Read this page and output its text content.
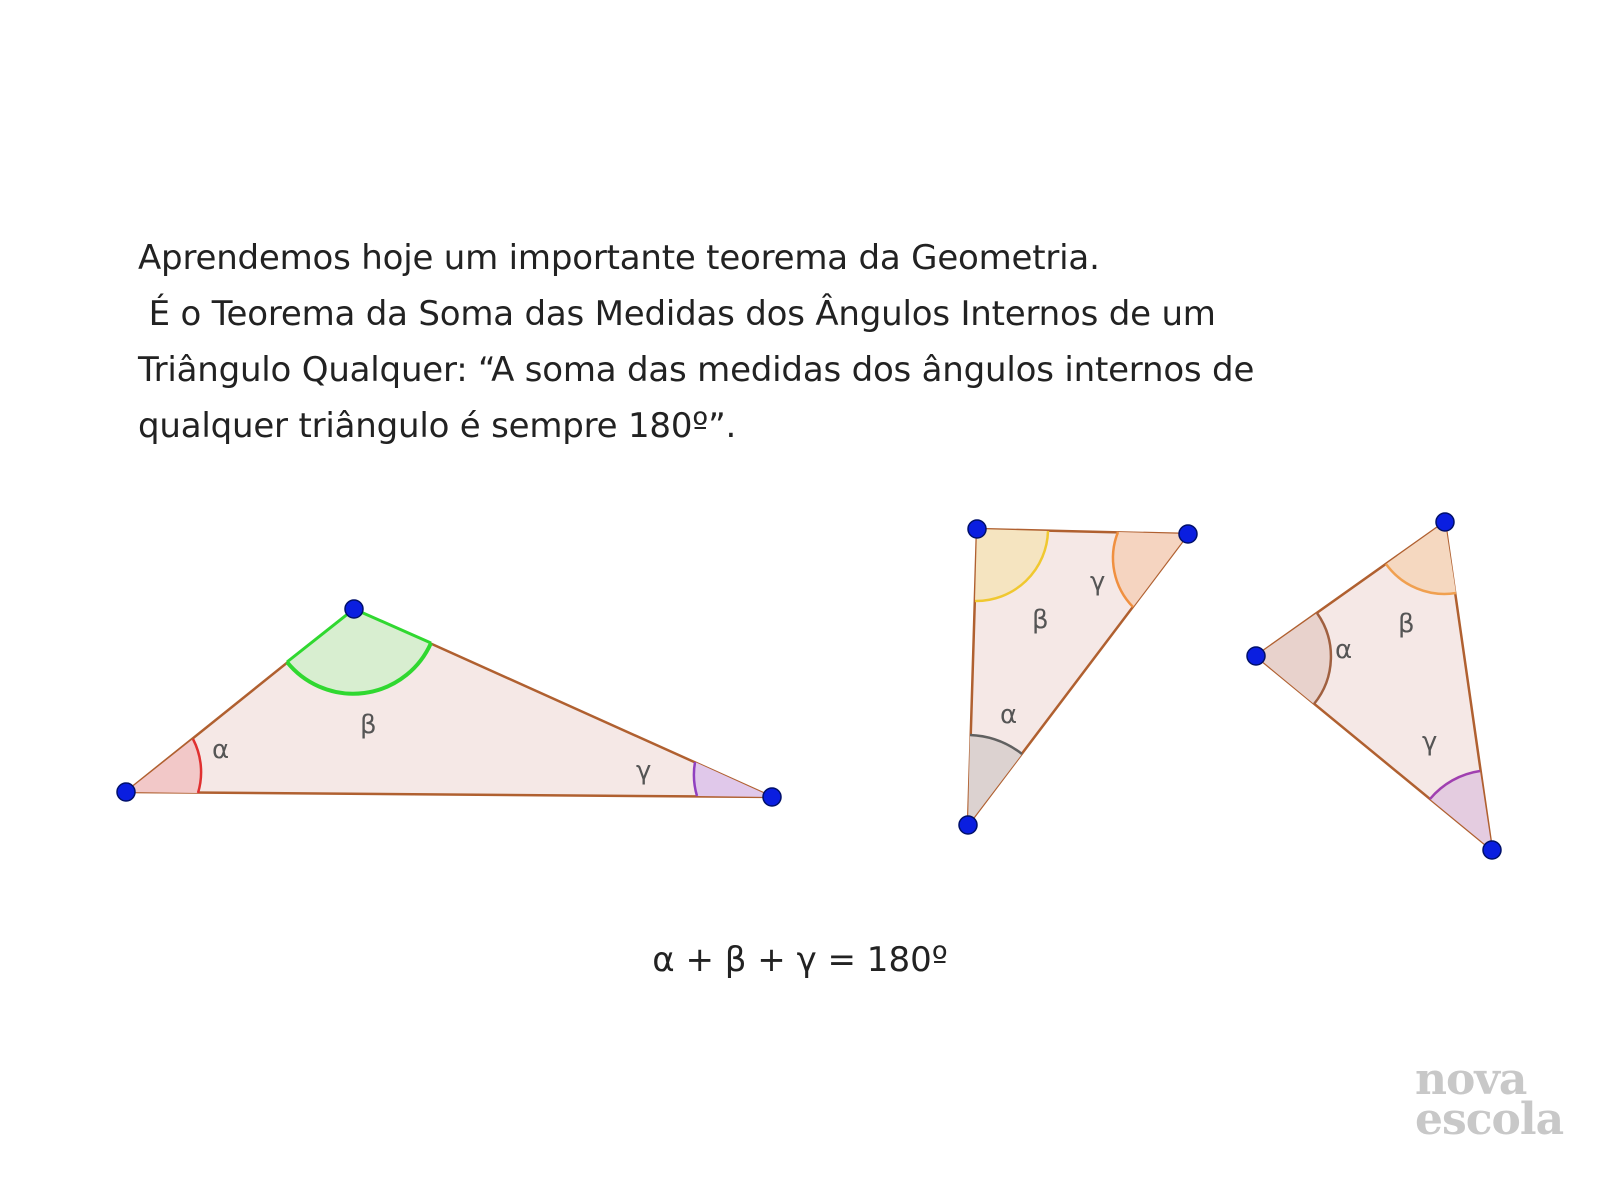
Aprendemos hoje um importante teorema da Geometria.
É o Teorema da Soma das Medidas dos Ângulos Internos de um
Triângulo Qualquer: “A soma das medidas dos ângulos internos de
qualquer triângulo é sempre 180º”.
α
β
γ
β
γ
α
α
β
γ
α + β + γ = 180º
nova
escola
